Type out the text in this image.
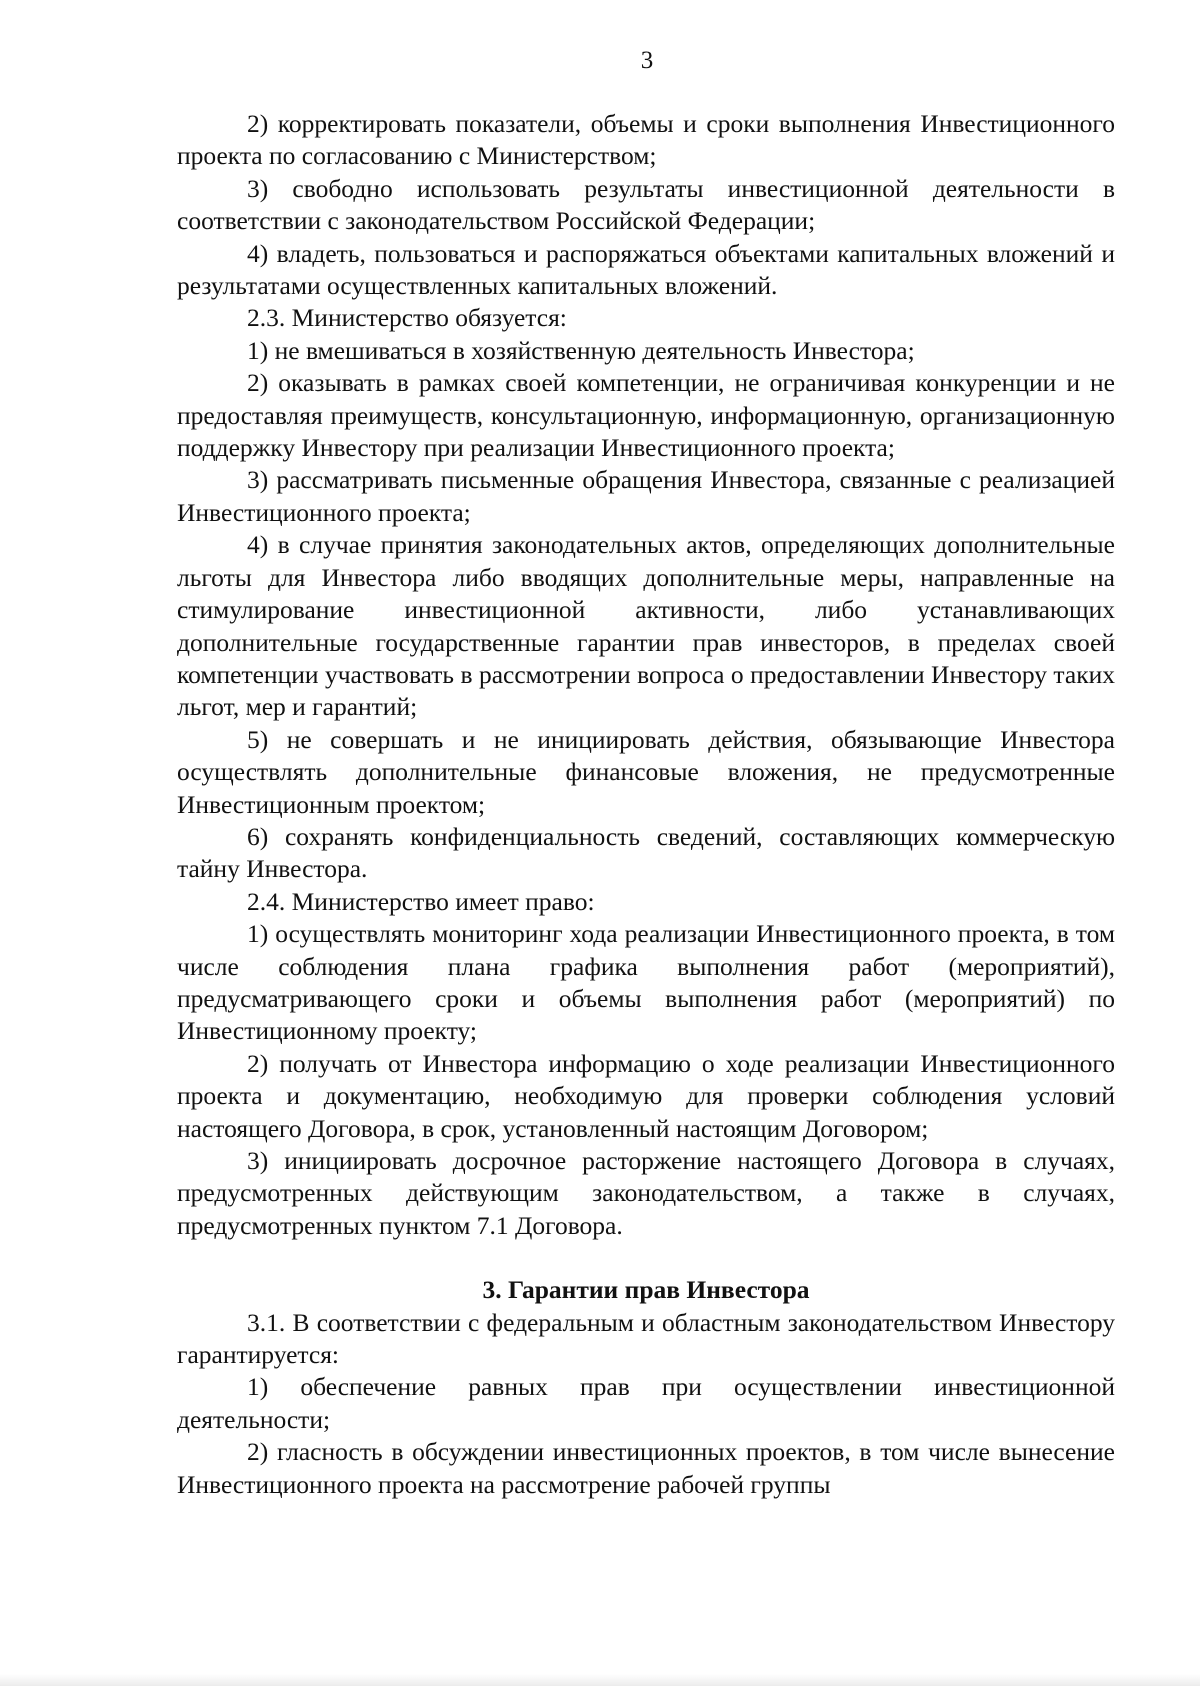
3

2) корректировать показатели, объемы и сроки выполнения Инвестиционного проекта по согласованию с Министерством;

3) свободно использовать результаты инвестиционной деятельности в соответствии с законодательством Российской Федерации;

4) владеть, пользоваться и распоряжаться объектами капитальных вложений и результатами осуществленных капитальных вложений.

2.3. Министерство обязуется:

1) не вмешиваться в хозяйственную деятельность Инвестора;

2) оказывать в рамках своей компетенции, не ограничивая конкуренции и не предоставляя преимуществ, консультационную, информационную, организационную поддержку Инвестору при реализации Инвестиционного проекта;

3) рассматривать письменные обращения Инвестора, связанные с реализацией Инвестиционного проекта;

4) в случае принятия законодательных актов, определяющих дополнительные льготы для Инвестора либо вводящих дополнительные меры, направленные на стимулирование инвестиционной активности, либо устанавливающих дополнительные государственные гарантии прав инвесторов, в пределах своей компетенции участвовать в рассмотрении вопроса о предоставлении Инвестору таких льгот, мер и гарантий;

5) не совершать и не инициировать действия, обязывающие Инвестора осуществлять дополнительные финансовые вложения, не предусмотренные Инвестиционным проектом;

6) сохранять конфиденциальность сведений, составляющих коммерческую тайну Инвестора.

2.4. Министерство имеет право:

1) осуществлять мониторинг хода реализации Инвестиционного проекта, в том числе соблюдения плана графика выполнения работ (мероприятий), предусматривающего сроки и объемы выполнения работ (мероприятий) по Инвестиционному проекту;

2) получать от Инвестора информацию о ходе реализации Инвестиционного проекта и документацию, необходимую для проверки соблюдения условий настоящего Договора, в срок, установленный настоящим Договором;

3) инициировать досрочное расторжение настоящего Договора в случаях, предусмотренных действующим законодательством, а также в случаях, предусмотренных пунктом 7.1 Договора.

3. Гарантии прав Инвестора

3.1. В соответствии с федеральным и областным законодательством Инвестору гарантируется:

1) обеспечение равных прав при осуществлении инвестиционной деятельности;

2) гласность в обсуждении инвестиционных проектов, в том числе вынесение Инвестиционного проекта на рассмотрение рабочей группы
